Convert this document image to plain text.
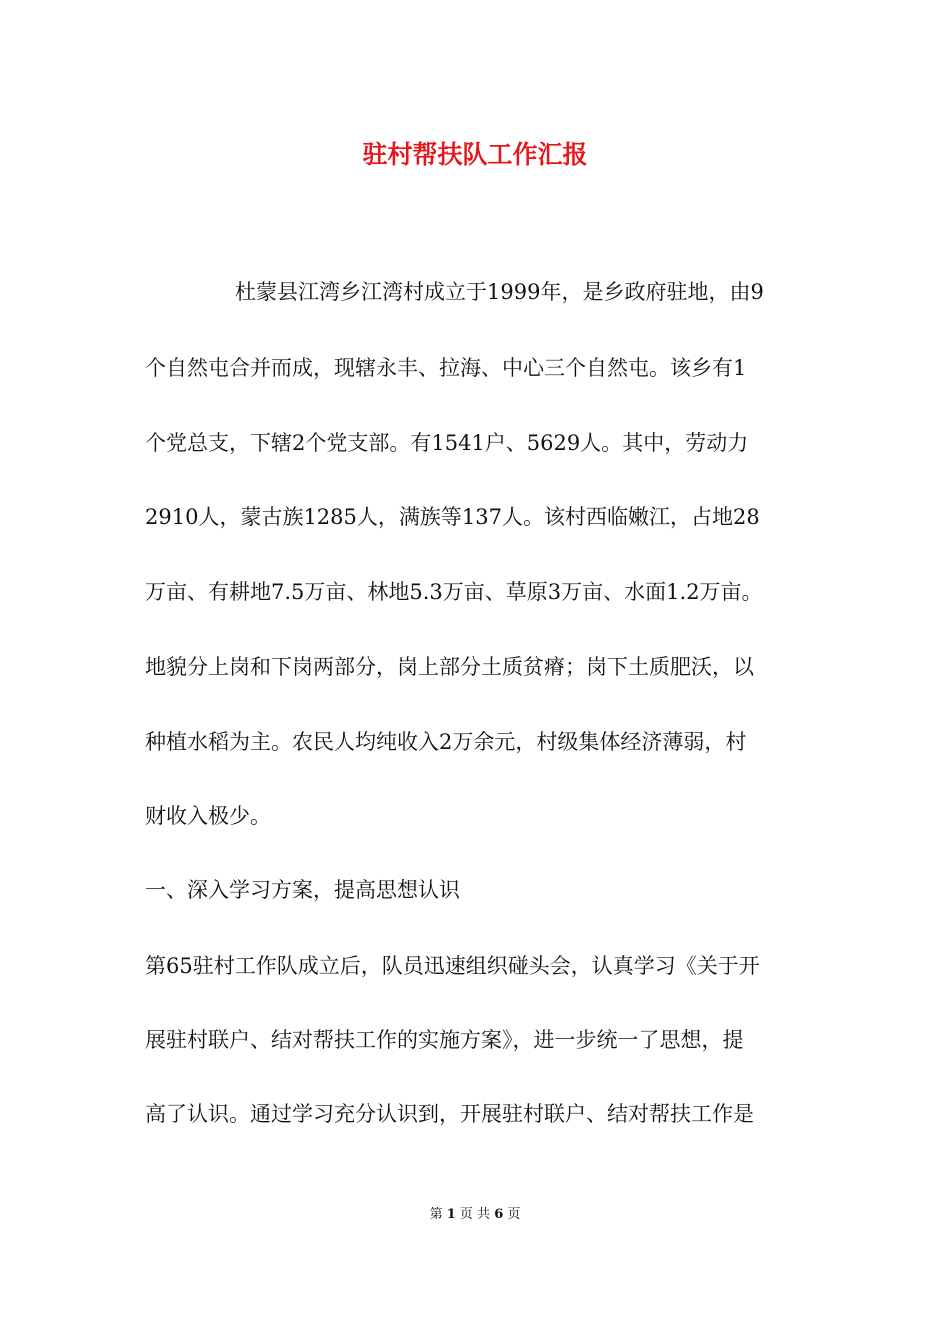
驻村帮扶队工作汇报

杜蒙县江湾乡江湾村成立于1999年，是乡政府驻地，由9

个自然屯合并而成，现辖永丰、拉海、中心三个自然屯。该乡有1

个党总支，下辖2个党支部。有1541户、5629人。其中，劳动力

2910人，蒙古族1285人，满族等137人。该村西临嫩江，占地28

万亩、有耕地7.5万亩、林地5.3万亩、草原3万亩、水面1.2万亩。

地貌分上岗和下岗两部分，岗上部分土质贫瘠；岗下土质肥沃，以

种植水稻为主。农民人均纯收入2万余元，村级集体经济薄弱，村

财收入极少。

一、深入学习方案，提高思想认识

第65驻村工作队成立后，队员迅速组织碰头会，认真学习《关于开

展驻村联户、结对帮扶工作的实施方案》，进一步统一了思想，提

高了认识。通过学习充分认识到，开展驻村联户、结对帮扶工作是

第 1 页 共 6 页
